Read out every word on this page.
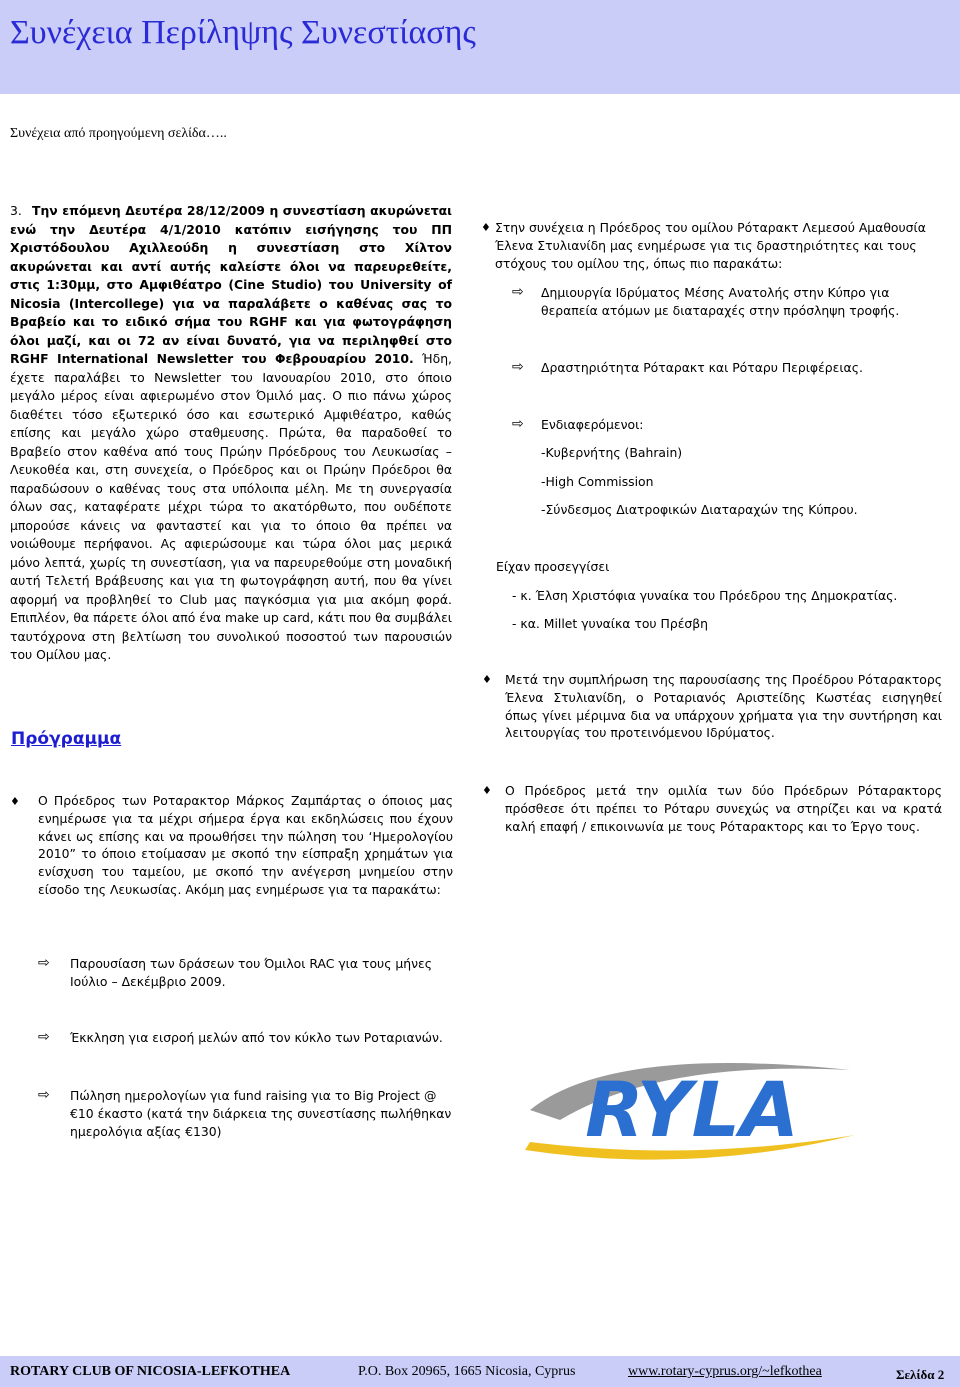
Συνέχεια Περίληψης Συνεστίασης
Συνέχεια από προηγούμενη σελίδα…..
3. Την επόμενη Δευτέρα 28/12/2009 η συνεστίαση ακυρώνεται ενώ την Δευτέρα 4/1/2010 κατόπιν εισήγησης του ΠΠ Χριστόδουλου Αχιλλεούδη η συνεστίαση στο Χίλτον ακυρώνεται και αντί αυτής καλείστε όλοι να παρευρεθείτε, στις 1:30μμ, στο Αμφιθέατρο (Cine Studio) του University of Nicosia (Intercollege) για να παραλάβετε ο καθένας σας το Βραβείο και το ειδικό σήμα του RGHF και για φωτογράφηση όλοι μαζί, και οι 72 αν είναι δυνατό, για να περιληφθεί στο RGHF International Newsletter του Φεβρουαρίου 2010. Ήδη, έχετε παραλάβει το Newsletter του Ιανουαρίου 2010, στο όποιο μεγάλο μέρος είναι αφιερωμένο στον Όμιλό μας. Ο πιο πάνω χώρος διαθέτει τόσο εξωτερικό όσο και εσωτερικό Αμφιθέατρο, καθώς επίσης και μεγάλο χώρο σταθμευσης. Πρώτα, θα παραδοθεί το Βραβείο στον καθένα από τους Πρώην Πρόεδρους του Λευκωσίας – Λευκοθέα και, στη συνεχεία, ο Πρόεδρος και οι Πρώην Πρόεδροι θα παραδώσουν ο καθένας τους στα υπόλοιπα μέλη. Με τη συνεργασία όλων σας, καταφέρατε μέχρι τώρα το ακατόρθωτο, που ουδέποτε μπορούσε κάνεις να φανταστεί και για το όποιο θα πρέπει να νοιώθουμε περήφανοι. Ας αφιερώσουμε και τώρα όλοι μας μερικά μόνο λεπτά, χωρίς τη συνεστίαση, για να παρευρεθούμε στη μοναδική αυτή Τελετή Βράβευσης και για τη φωτογράφηση αυτή, που θα γίνει αφορμή να προβληθεί το Club μας παγκόσμια για μια ακόμη φορά. Επιπλέον, θα πάρετε όλοι από ένα make up card, κάτι που θα συμβάλει ταυτόχρονα στη βελτίωση του συνολικού ποσοστού των παρουσιών του Ομίλου μας.
Πρόγραμμα
♦ Ο Πρόεδρος των Ροταρακτορ Μάρκος Ζαμπάρτας ο όποιος μας ενημέρωσε για τα μέχρι σήμερα έργα και εκδηλώσεις που έχουν κάνει ως επίσης και να προωθήσει την πώληση του ‘Ημερολογίου 2010” το όποιο ετοίμασαν με σκοπό την είσπραξη χρημάτων για ενίσχυση του ταμείου, με σκοπό την ανέγερση μνημείου στην είσοδο της Λευκωσίας. Ακόμη μας ενημέρωσε για τα παρακάτω:
⇨ Παρουσίαση των δράσεων του Όμιλοι RAC για τους μήνες Ιούλιο – Δεκέμβριο 2009.
⇨ Έκκληση για εισροή μελών από τον κύκλο των Ροταριανών.
⇨ Πώληση ημερολογίων για fund raising για το Big Project @ €10 έκαστο (κατά την διάρκεια της συνεστίασης πωλήθηκαν ημερολόγια αξίας €130)
♦ Στην συνέχεια η Πρόεδρος του ομίλου Ρόταρακτ Λεμεσού Αμαθουσία Έλενα Στυλιανίδη μας ενημέρωσε για τις δραστηριότητες και τους στόχους του ομίλου της, όπως πιο παρακάτω:
⇨ Δημιουργία Ιδρύματος Μέσης Ανατολής στην Κύπρο για θεραπεία ατόμων με διαταραχές στην πρόσληψη τροφής.
⇨ Δραστηριότητα Ρόταρακτ και Ρόταρυ Περιφέρειας.
⇨ Ενδιαφερόμενοι:
-Κυβερνήτης (Bahrain)
-High Commission
-Σύνδεσμος Διατροφικών Διαταραχών της Κύπρου.
Είχαν προσεγγίσει
- κ. Έλση Χριστόφια γυναίκα του Πρόεδρου της Δημοκρατίας.
- κα. Millet γυναίκα του Πρέσβη
♦ Μετά την συμπλήρωση της παρουσίασης της Προέδρου Ρόταρακτορς Έλενα Στυλιανίδη, ο Ροταριανός Αριστείδης Κωστέας εισηγηθεί όπως γίνει μέριμνα δια να υπάρχουν χρήματα για την συντήρηση και λειτουργίας του προτεινόμενου Ιδρύματος.
♦ Ο Πρόεδρος μετά την ομιλία των δύο Πρόεδρων Ρόταρακτορς πρόσθεσε ότι πρέπει το Ρόταρυ συνεχώς να στηρίζει και να κρατά καλή επαφή / επικοινωνία με τους Ρόταρακτορς και το Έργο τους.
RYLA
ROTARY CLUB OF NICOSIA-LEFKOTHEA	P.O. Box 20965, 1665 Nicosia, Cyprus	www.rotary-cyprus.org/~lefkothea	Σελίδα 2
